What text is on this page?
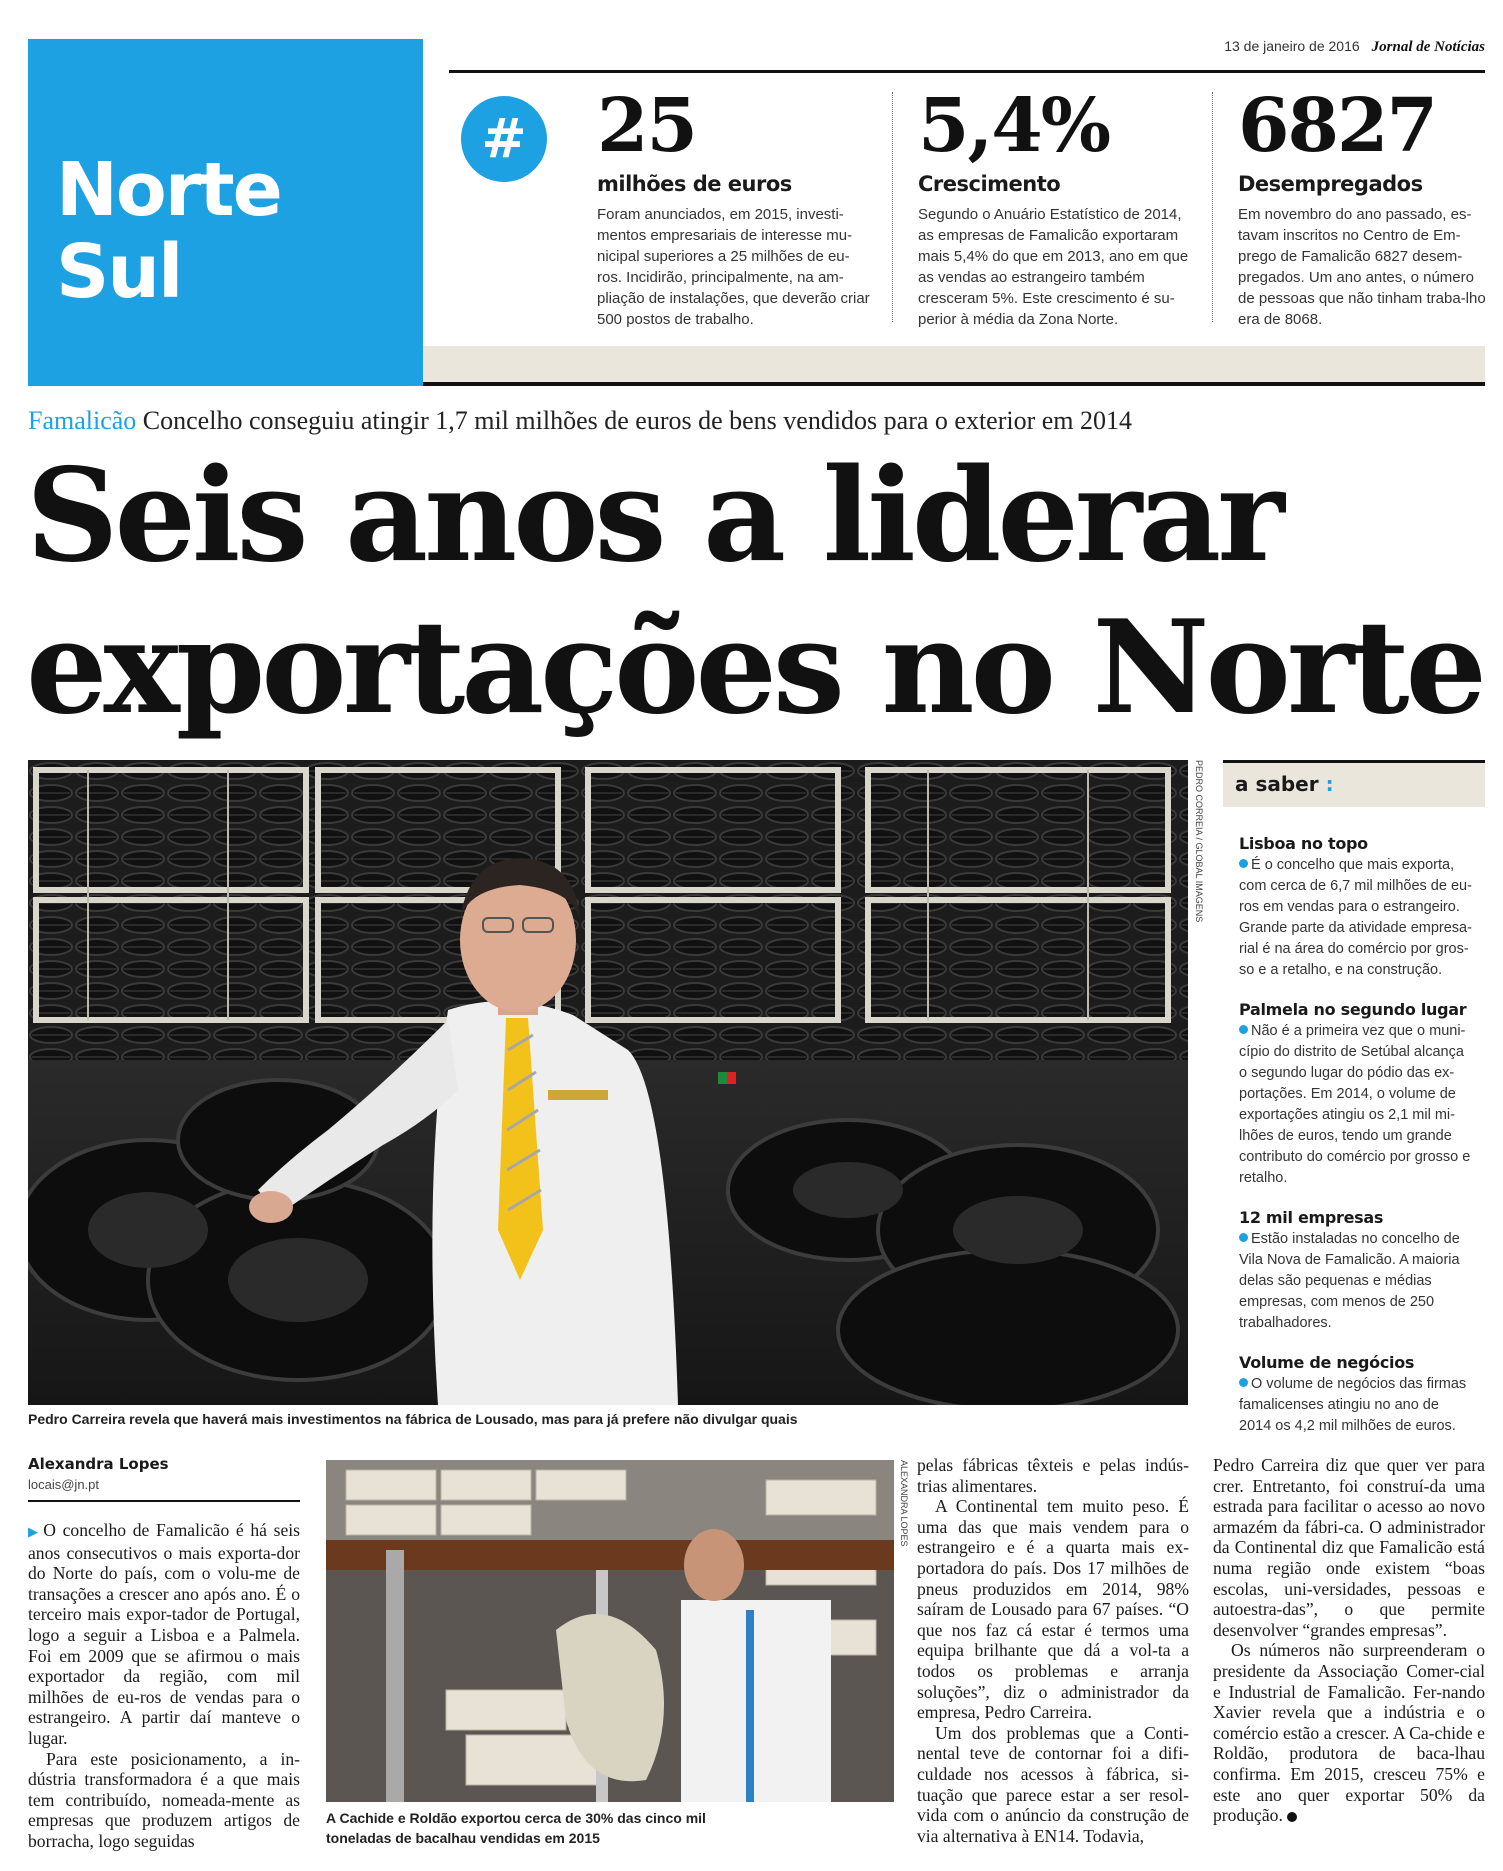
Norte
Sul
13 de janeiro de 2016 Jornal de Notícias
# 25
milhões de euros
Foram anunciados, em 2015, investi-mentos empresariais de interesse mu-nicipal superiores a 25 milhões de eu-ros. Incidirão, principalmente, na am-pliação de instalações, que deverão criar 500 postos de trabalho.
5,4%
Crescimento
Segundo o Anuário Estatístico de 2014, as empresas de Famalicão exportaram mais 5,4% do que em 2013, ano em que as vendas ao estrangeiro também cresceram 5%. Este crescimento é su-perior à média da Zona Norte.
6827
Desempregados
Em novembro do ano passado, es-tavam inscritos no Centro de Em-prego de Famalicão 6827 desem-pregados. Um ano antes, o número de pessoas que não tinham traba-lho era de 8068.
Famalicão Concelho conseguiu atingir 1,7 mil milhões de euros de bens vendidos para o exterior em 2014
Seis anos a liderar
exportações no Norte
PEDRO CORREIA / GLOBAL IMAGENS
Pedro Carreira revela que haverá mais investimentos na fábrica de Lousado, mas para já prefere não divulgar quais
a saber :
Lisboa no topo
É o concelho que mais exporta, com cerca de 6,7 mil milhões de eu-ros em vendas para o estrangeiro. Grande parte da atividade empresa-rial é na área do comércio por gros-so e a retalho, e na construção.
Palmela no segundo lugar
Não é a primeira vez que o muni-cípio do distrito de Setúbal alcança o segundo lugar do pódio das ex-portações. Em 2014, o volume de exportações atingiu os 2,1 mil mi-lhões de euros, tendo um grande contributo do comércio por grosso e retalho.
12 mil empresas
Estão instaladas no concelho de Vila Nova de Famalicão. A maioria delas são pequenas e médias empresas, com menos de 250 trabalhadores.
Volume de negócios
O volume de negócios das firmas famalicenses atingiu no ano de 2014 os 4,2 mil milhões de euros.
Alexandra Lopes
locais@jn.pt

▶ O concelho de Famalicão é há seis anos consecutivos o mais exporta-dor do Norte do país, com o volu-me de transações a crescer ano após ano. É o terceiro mais expor-tador de Portugal, logo a seguir a Lisboa e a Palmela. Foi em 2009 que se afirmou o mais exportador da região, com mil milhões de eu-ros de vendas para o estrangeiro. A partir daí manteve o lugar.

Para este posicionamento, a in-dústria transformadora é a que mais tem contribuído, nomeada-mente as empresas que produzem artigos de borracha, logo seguidas

ALEXANDRA LOPES
A Cachide e Roldão exportou cerca de 30% das cinco mil toneladas de bacalhau vendidas em 2015

pelas fábricas têxteis e pelas indús-trias alimentares.

A Continental tem muito peso. É uma das que mais vendem para o estrangeiro e é a quarta mais ex-portadora do país. Dos 17 milhões de pneus produzidos em 2014, 98% saíram de Lousado para 67 países. “O que nos faz cá estar é termos uma equipa brilhante que dá a vol-ta a todos os problemas e arranja soluções”, diz o administrador da empresa, Pedro Carreira.

Um dos problemas que a Conti-nental teve de contornar foi a difi-culdade nos acessos à fábrica, si-tuação que parece estar a ser resol-vida com o anúncio da construção de via alternativa à EN14. Todavia,

Pedro Carreira diz que quer ver para crer. Entretanto, foi construí-da uma estrada para facilitar o acesso ao novo armazém da fábri-ca. O administrador da Continental diz que Famalicão está numa região onde existem “boas escolas, uni-versidades, pessoas e autoestra-das”, o que permite desenvolver “grandes empresas”.

Os números não surpreenderam o presidente da Associação Comer-cial e Industrial de Famalicão. Fer-nando Xavier revela que a indústria e o comércio estão a crescer. A Ca-chide e Roldão, produtora de baca-lhau confirma. Em 2015, cresceu 75% e este ano quer exportar 50% da produção.
